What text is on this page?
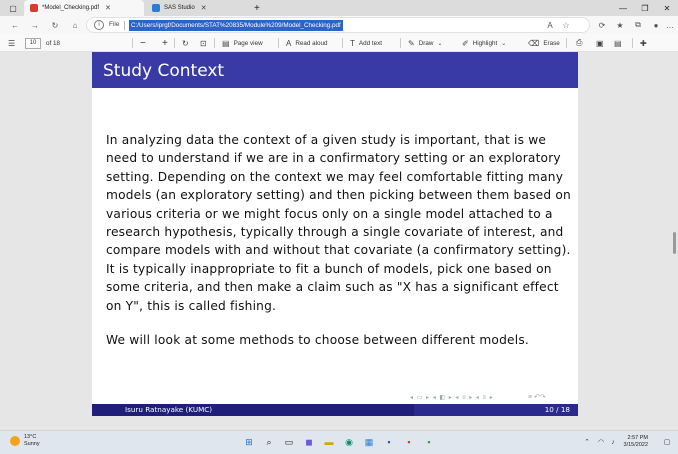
▢	*Model_Checking.pdf ✕	SAS Studio ✕	+	—	❐	✕
←	→	↻	⌂	i	File	C:/Users/iprgf/Documents/STAT%20835/Module%209/Model_Checking.pdf	A	☆	⟳	★	⧉	● …
☰	10	of 18	− + ↻ ⊡ ▤ Page view	A Read aloud	T Add text	✎ Draw ⌄ ✐ Highlight ⌄	⌫ Erase ⎙ ▣ ▤ ✚
Study Context

In analyzing data the context of a given study is important, that is we need to understand if we are in a confirmatory setting or an exploratory setting. Depending on the context we may feel comfortable fitting many models (an exploratory setting) and then picking between them based on various criteria or we might focus only on a single model attached to a research hypothesis, typically through a single covariate of interest, and compare models with and without that covariate (a confirmatory setting). It is typically inappropriate to fit a bunch of models, pick one based on some criteria, and then make a claim such as "X has a significant effect on Y", this is called fishing.

We will look at some methods to choose between different models.

◂ ▭ ▸ ◂ ◧ ▸ ◂ ≡ ▸ ◂ ≡ ▸	≡ ↶↷
Isuru Ratnayake (KUMC)	10 / 18
13°C
Sunny	⊞	⌕	▭	◼	▬	◉	▦	▪	▪	▪	⌃	◠	♪
2:57 PM
3/15/2022	▢
